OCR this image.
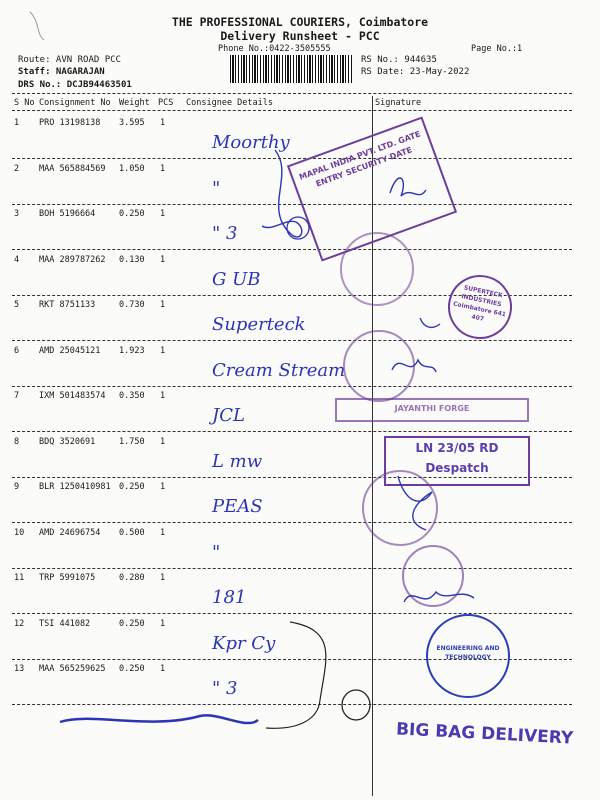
THE PROFESSIONAL COURIERS, Coimbatore
Delivery Runsheet - PCC
Phone No.:0422-3505555	Page No.:1
Route: AVN ROAD PCC
Staff: NAGARAJAN
DRS No.: DCJB94463501
RS No.: 944635
RS Date: 23-May-2022
S No Consignment No Weight PCS Consignee Details	Signature
1 PRO 13198138 3.595 1
Moorthy
2 MAA 565884569 1.050 1
"
3 BOH 5196664	0.250 1
" 3
4 MAA 289787262 0.130 1
G UB
5 RKT 8751133	0.730 1
Superteck
6 AMD 25045121 1.923 1
Cream Stream
7 IXM 501483574 0.350 1
JCL
8 BDQ 3520691	1.750 1
L mw
9 BLR 1250410981 0.250 1
PEAS
10 AMD 24696754 0.500 1
"
11 TRP 5991075	0.280 1
181
12 TSI 441082	0.250 1
Kpr Cy
13 MAA 565259625 0.250 1
" 3
MAPAL INDIA PVT. LTD. GATE ENTRY SECURITY DATE
SUPERTECK INDUSTRIES Coimbatore 641 407
JAYANTHI FORGE
LN 23/05 RD Despatch
ENGINEERING AND TECHNOLOGY
BIG BAG DELIVERY
